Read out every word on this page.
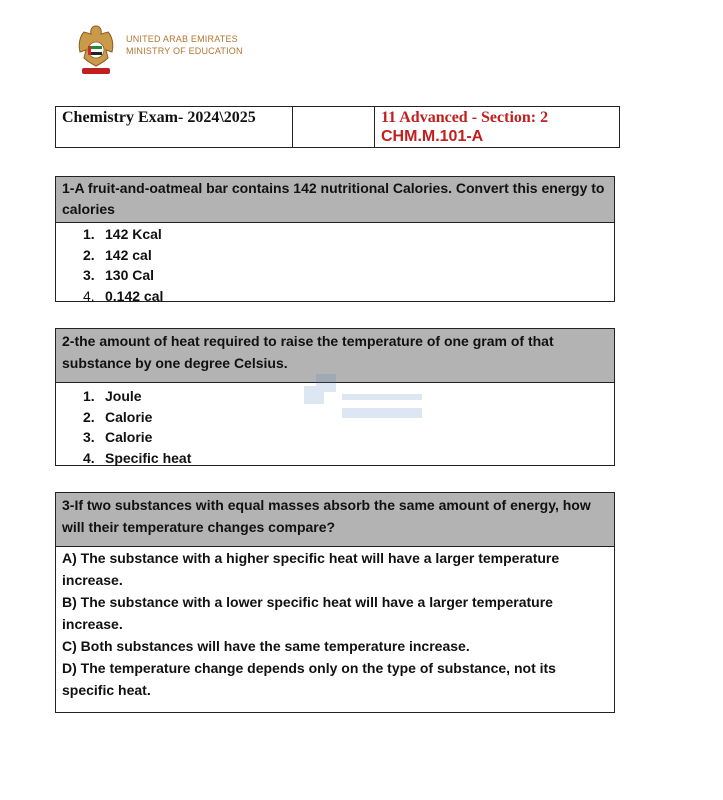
UNITED ARAB EMIRATES
MINISTRY OF EDUCATION
Chemistry Exam- 2024\2025	11 Advanced - Section: 2
CHM.M.101-A
1-A fruit-and-oatmeal bar contains 142 nutritional Calories. Convert this energy to calories
1. 142 Kcal
2. 142 cal
3. 130 Cal
4. 0.142 cal
2-the amount of heat required to raise the temperature of one gram of that substance by one degree Celsius.
1. Joule
2. Calorie
3. Calorie
4. Specific heat
3-If two substances with equal masses absorb the same amount of energy, how will their temperature changes compare?
A) The substance with a higher specific heat will have a larger temperature increase.
B) The substance with a lower specific heat will have a larger temperature increase.
C) Both substances will have the same temperature increase.
D) The temperature change depends only on the type of substance, not its specific heat.
